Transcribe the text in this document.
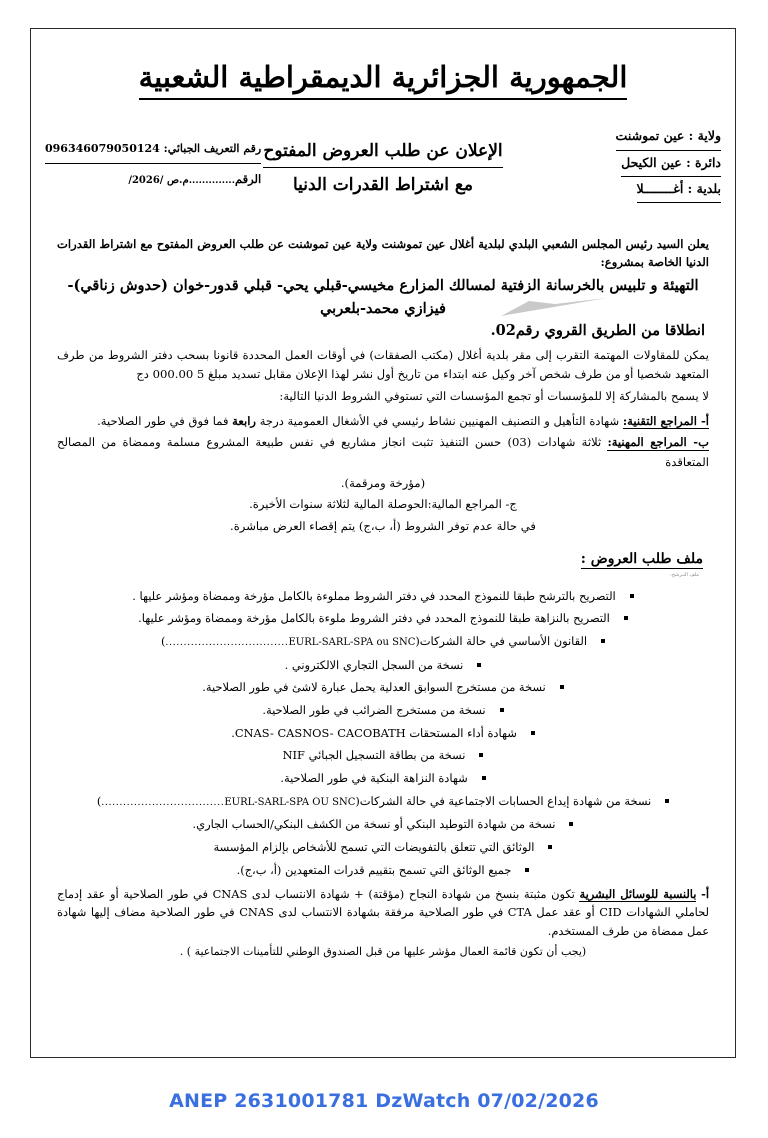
الجمهورية الجزائرية الديمقراطية الشعبية
ولاية : عين تموشنت
دائرة : عين الكيحل
بلدية : أغــــــــلا
رقم التعريف الجبائي: 096346079050124
الرقم............../2026/ م.ص
الإعلان عن طلب العروض المفتوح
مع اشتراط القدرات الدنيا

يعلن السيد رئيس المجلس الشعبي البلدي لبلدية أغلال عين تموشنت ولاية عين تموشنت عن طلب العروض المفتوح مع اشتراط القدرات الدنيا الخاصة بمشروع:

التهيئة و تلبيس بالخرسانة الزفتية لمسالك المزارع مخيسي-قبلي يحي- قبلي قدور-خوان (حدوش زناقي)- فيزازي محمد-بلعربي
انطلاقا من الطريق القروي رقم02.

يمكن للمقاولات المهتمة التقرب إلى مقر بلدية أغلال (مكتب الصفقات) في أوقات العمل المحددة قانونا بسحب دفتر الشروط من طرف المتعهد شخصيا أو من طرف شخص آخر وكيل عنه ابتداء من تاريخ أول نشر لهذا الإعلان مقابل تسديد مبلغ 5 000.00 دج

لا يسمح بالمشاركة إلا للمؤسسات أو تجمع المؤسسات التي تستوفي الشروط الدنيا التالية:

أ- المراجع التقنية: شهادة التأهيل و التصنيف المهنيين نشاط رئيسي في الأشغال العمومية درجة رابعة فما فوق في طور الصلاحية.
ب- المراجع المهنية: ثلاثة شهادات (03) حسن التنفيذ تثبت انجاز مشاريع في نفس طبيعة المشروع مسلمة وممضاة من المصالح المتعاقدة
(مؤرخة ومرقمة).
ج- المراجع المالية:الحوصلة المالية لثلاثة سنوات الأخيرة.
في حالة عدم توفر الشروط (أ، ب،ج) يتم إقصاء العرض مباشرة.
ملف طلب العروض :
ملف التـرشح:
التصريح بالترشح طبقا للنموذج المحدد في دفتر الشروط مملوءة بالكامل مؤرخة وممضاة ومؤشر عليها .
التصريح بالنزاهة طبقا للنموذج المحدد في دفتر الشروط ملوءة بالكامل مؤرخة وممضاة ومؤشر عليها.
القانون الأساسي في حالة الشركات(..................................EURL-SARL-SPA ou SNC)
نسخة من السجل التجاري الالكتروني .
نسخة من مستخرج السوابق العدلية يحمل عبارة لاشئ في طور الصلاحية.
نسخة من مستخرج الضرائب في طور الصلاحية.
شهادة أداء المستحقات CNAS- CASNOS- CACOBATH.
نسخة من بطاقة التسجيل الجبائي NIF
شهادة النزاهة البنكية في طور الصلاحية.
نسخة من شهادة إيداع الحسابات الاجتماعية في حالة الشركات(..................................EURL-SARL-SPA OU SNC)
نسخة من شهادة التوطيد البنكي أو نسخة من الكشف البنكي/الحساب الجاري.
الوثائق التي تتعلق بالتفويضات التي تسمح للأشخاص بإلزام المؤسسة
جميع الوثائق التي تسمح بتقييم قدرات المتعهدين (أ، ب،ج).
أ- بالنسبة للوسائل البشرية تكون مثبتة بنسخ من شهادة النجاح (مؤقتة) + شهادة الانتساب لدى CNAS في طور الصلاحية أو عقد إدماج لحاملي الشهادات CID أو عقد عمل CTA في طور الصلاحية مرفقة بشهادة الانتساب لدى CNAS في طور الصلاحية مضاف إليها شهادة عمل ممضاة من طرف المستخدم.
(يجب أن تكون قائمة العمال مؤشر عليها من قبل الصندوق الوطني للتأمينات الاجتماعية ) .
ANEP 2631001781 DzWatch 07/02/2026
